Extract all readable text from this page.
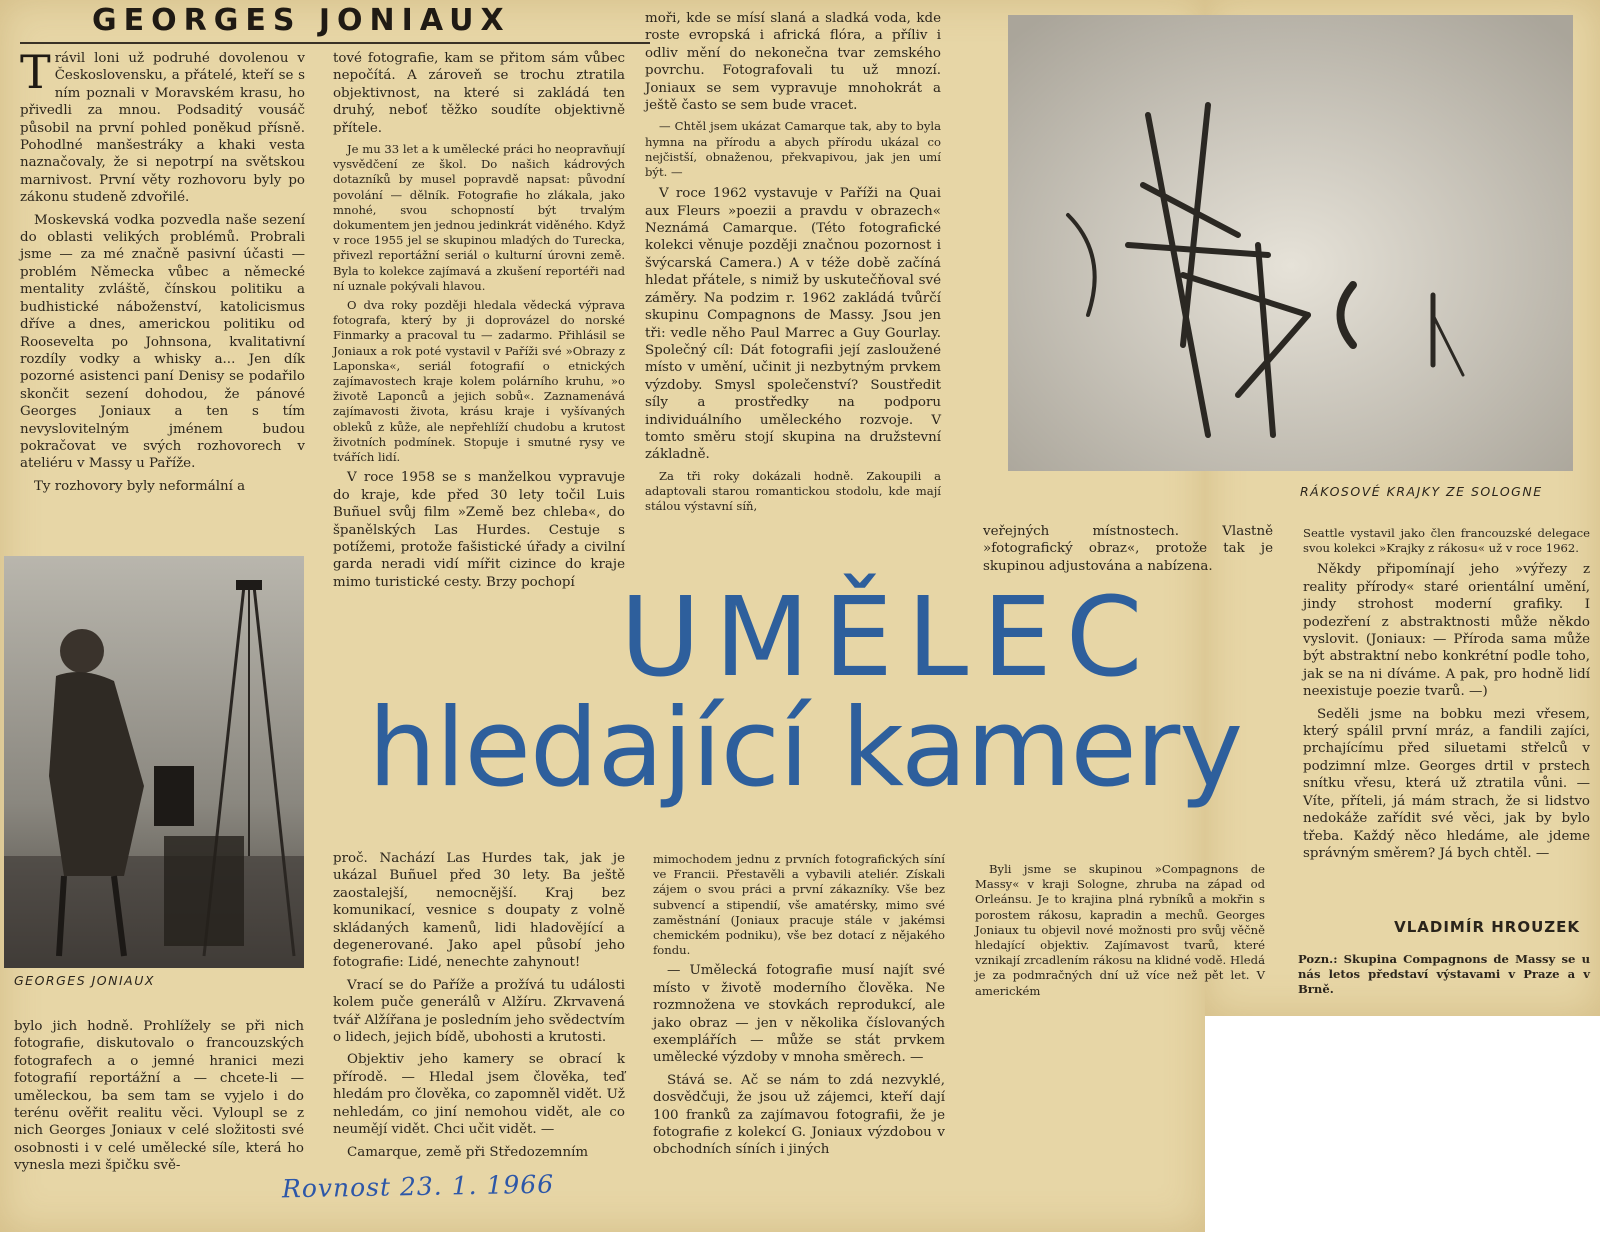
GEORGES JONIAUX

Trávil loni už podruhé dovolenou v Československu, a přátelé, kteří se s ním poznali v Moravském krasu, ho přivedli za mnou. Podsaditý vousáč působil na první pohled poněkud přísně. Pohodlné manšestráky a khaki vesta naznačovaly, že si nepotrpí na světskou marnivost. První věty rozhovoru byly po zákonu studeně zdvořilé.

Moskevská vodka pozvedla naše sezení do oblasti velikých problémů. Probrali jsme — za mé značně pasivní účasti — problém Německa vůbec a německé mentality zvláště, čínskou politiku a budhistické náboženství, katolicismus dříve a dnes, americkou politiku od Roosevelta po Johnsona, kvalitativní rozdíly vodky a whisky a... Jen dík pozorné asistenci paní Denisy se podařilo skončit sezení dohodou, že pánové Georges Joniaux a ten s tím nevyslovitelným jménem budou pokračovat ve svých rozhovorech v ateliéru v Massy u Paříže.

Ty rozhovory byly neformální a

GEORGES JONIAUX

bylo jich hodně. Prohlížely se při nich fotografie, diskutovalo o francouzských fotografech a o jemné hranici mezi fotografií reportážní a — chcete-li — uměleckou, ba sem tam se vyjelo i do terénu ověřit realitu věci. Vyloupl se z nich Georges Joniaux v celé složitosti své osobnosti i v celé umělecké síle, která ho vynesla mezi špičku svě-

tové fotografie, kam se přitom sám vůbec nepočítá. A zároveň se trochu ztratila objektivnost, na které si zakládá ten druhý, neboť těžko soudíte objektivně přítele.

Je mu 33 let a k umělecké práci ho neopravňují vysvědčení ze škol. Do našich kádrových dotazníků by musel popravdě napsat: původní povolání — dělník. Fotografie ho zlákala, jako mnohé, svou schopností být trvalým dokumentem jen jednou jedinkrát viděného. Když v roce 1955 jel se skupinou mladých do Turecka, přivezl reportážní seriál o kulturní úrovni země. Byla to kolekce zajímavá a zkušení reportéři nad ní uznale pokývali hlavou.

O dva roky později hledala vědecká výprava fotografa, který by ji doprovázel do norské Finmarky a pracoval tu — zadarmo. Přihlásil se Joniaux a rok poté vystavil v Paříži své »Obrazy z Laponska«, seriál fotografií o etnických zajímavostech kraje kolem polárního kruhu, »o životě Laponců a jejich sobů«. Zaznamenává zajímavosti života, krásu kraje i vyšívaných obleků z kůže, ale nepřehlíží chudobu a krutost životních podmínek. Stopuje i smutné rysy ve tvářích lidí.

V roce 1958 se s manželkou vypravuje do kraje, kde před 30 lety točil Luis Buñuel svůj film »Země bez chleba«, do španělských Las Hurdes. Cestuje s potížemi, protože fašistické úřady a civilní garda neradi vidí mířit cizince do kraje mimo turistické cesty. Brzy pochopí

moři, kde se mísí slaná a sladká voda, kde roste evropská i africká flóra, a příliv i odliv mění do nekonečna tvar zemského povrchu. Fotografovali tu už mnozí. Joniaux se sem vypravuje mnohokrát a ještě často se sem bude vracet.

— Chtěl jsem ukázat Camarque tak, aby to byla hymna na přírodu a abych přírodu ukázal co nejčistší, obnaženou, překvapivou, jak jen umí být. —

V roce 1962 vystavuje v Paříži na Quai aux Fleurs »poezii a pravdu v obrazech« Neznámá Camarque. (Této fotografické kolekci věnuje později značnou pozornost i švýcarská Camera.) A v téže době začíná hledat přátele, s nimiž by uskutečňoval své záměry. Na podzim r. 1962 zakládá tvůrčí skupinu Compagnons de Massy. Jsou jen tři: vedle něho Paul Marrec a Guy Gourlay. Společný cíl: Dát fotografii její zasloužené místo v umění, učinit ji nezbytným prvkem výzdoby. Smysl společenství? Soustředit síly a prostředky na podporu individuálního uměleckého rozvoje. V tomto směru stojí skupina na družstevní základně.

Za tři roky dokázali hodně. Zakoupili a adaptovali starou romantickou stodolu, kde mají stálou výstavní síň,

RÁKOSOVÉ KRAJKY ZE SOLOGNE

veřejných místnostech. Vlastně »fotografický obraz«, protože tak je skupinou adjustována a nabízena.

Seattle vystavil jako člen francouzské delegace svou kolekci »Krajky z rákosu« už v roce 1962.

Někdy připomínají jeho »výřezy z reality přírody« staré orientální umění, jindy strohost moderní grafiky. I podezření z abstraktnosti může někdo vyslovit. (Joniaux: — Příroda sama může být abstraktní nebo konkrétní podle toho, jak se na ni díváme. A pak, pro hodně lidí neexistuje poezie tvarů. —)

Seděli jsme na bobku mezi vřesem, který spálil první mráz, a fandili zajíci, prchajícímu před siluetami střelců v podzimní mlze. Georges drtil v prstech snítku vřesu, která už ztratila vůni. — Víte, příteli, já mám strach, že si lidstvo nedokáže zařídit své věci, jak by bylo třeba. Každý něco hledáme, ale jdeme správným směrem? Já bych chtěl. —

VLADIMÍR HROUZEK

Pozn.: Skupina Compagnons de Massy se u nás letos představí výstavami v Praze a v Brně.

UMĚLEC
hledající kamery

proč. Nachází Las Hurdes tak, jak je ukázal Buñuel před 30 lety. Ba ještě zaostalejší, nemocnější. Kraj bez komunikací, vesnice s doupaty z volně skládaných kamenů, lidi hladovějící a degenerované. Jako apel působí jeho fotografie: Lidé, nenechte zahynout!

Vrací se do Paříže a prožívá tu události kolem puče generálů v Alžíru. Zkrvavená tvář Alžířana je posledním jeho svědectvím o lidech, jejich bídě, ubohosti a krutosti.

Objektiv jeho kamery se obrací k přírodě. — Hledal jsem člověka, teď hledám pro člověka, co zapomněl vidět. Už nehledám, co jiní nemohou vidět, ale co neumějí vidět. Chci učit vidět. —

Camarque, země při Středozemním

mimochodem jednu z prvních fotografických síní ve Francii. Přestavěli a vybavili ateliér. Získali zájem o svou práci a první zákazníky. Vše bez subvencí a stipendií, vše amatérsky, mimo své zaměstnání (Joniaux pracuje stále v jakémsi chemickém podniku), vše bez dotací z nějakého fondu.

— Umělecká fotografie musí najít své místo v životě moderního člověka. Ne rozmnožena ve stovkách reprodukcí, ale jako obraz — jen v několika číslovaných exemplářích — může se stát prvkem umělecké výzdoby v mnoha směrech. —

Stává se. Ač se nám to zdá nezvyklé, dosvědčuji, že jsou už zájemci, kteří dají 100 franků za zajímavou fotografii, že je fotografie z kolekcí G. Joniaux výzdobou v obchodních síních i jiných

Byli jsme se skupinou »Compagnons de Massy« v kraji Sologne, zhruba na západ od Orleánsu. Je to krajina plná rybníků a mokřin s porostem rákosu, kapradin a mechů. Georges Joniaux tu objevil nové možnosti pro svůj věčně hledající objektiv. Zajímavost tvarů, které vznikají zrcadlením rákosu na klidné vodě. Hledá je za podmračných dní už více než pět let. V americkém

Rovnost 23. 1. 1966
